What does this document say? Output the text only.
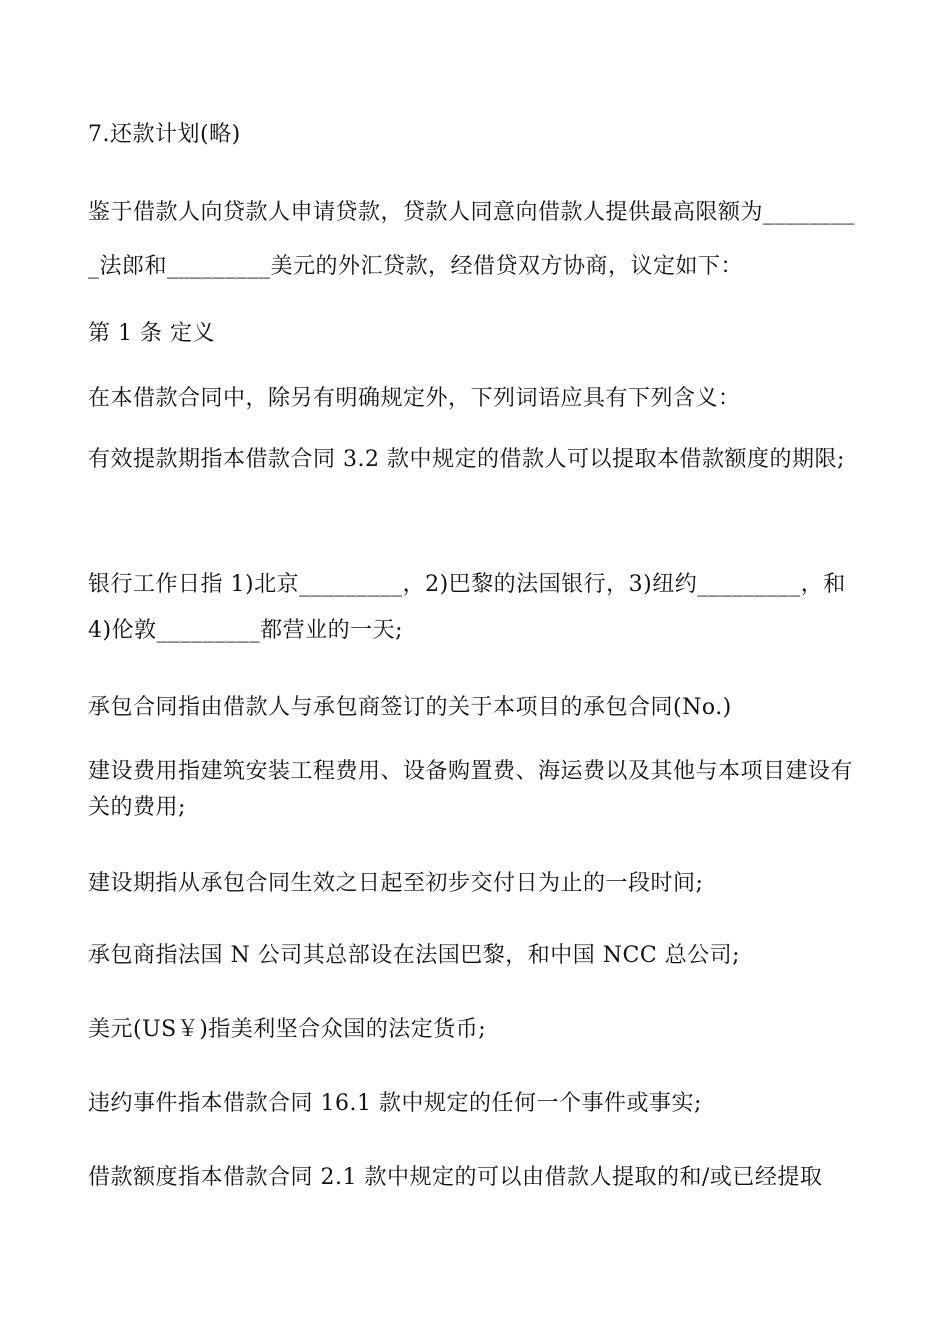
7.还款计划(略)

鉴于借款人向贷款人申请贷款，贷款人同意向借款人提供最高限额为_________法郎和_________美元的外汇贷款，经借贷双方协商，议定如下：

第 1 条 定义

在本借款合同中，除另有明确规定外，下列词语应具有下列含义：

有效提款期指本借款合同 3.2 款中规定的借款人可以提取本借款额度的期限;

银行工作日指 1)北京_________，2)巴黎的法国银行，3)纽约_________，和 4)伦敦_________都营业的一天;

承包合同指由借款人与承包商签订的关于本项目的承包合同(No.)

建设费用指建筑安装工程费用、设备购置费、海运费以及其他与本项目建设有关的费用;

建设期指从承包合同生效之日起至初步交付日为止的一段时间;

承包商指法国 N 公司其总部设在法国巴黎，和中国 NCC 总公司;

美元(US￥)指美利坚合众国的法定货币;

违约事件指本借款合同 16.1 款中规定的任何一个事件或事实;

借款额度指本借款合同 2.1 款中规定的可以由借款人提取的和/或已经提取
